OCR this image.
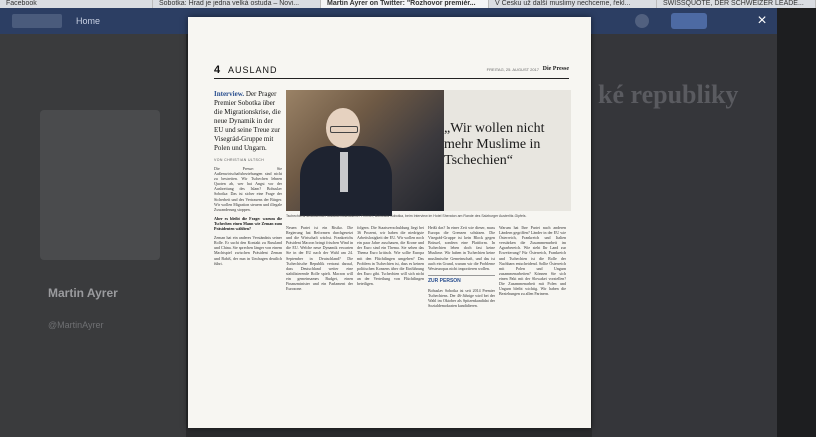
Facebook	Sobotka: Hrad je jedna velká ostuda – Novi...	Martin Ayrer on Twitter: "Rozhovor premiér...	V Česku už další muslimy nechceme, řekl...	SWISSQUOTE, DER SCHWEIZER LEADE...
Home
Martin Ayrer
@MartinAyrer
ké republiky
×
4 AUSLAND	FREITAG, 25. AUGUST 2017 Die Presse
Interview. Der Prager Premier Sobotka über die Migrationskrise, die neue Dynamik in der EU und seine Treue zur Visegrád-Gruppe mit Polen und Ungarn.
VON CHRISTIAN ULTSCH
Die Presse: Sie Außenwirtschaftsbeziehungen sind nicht zu bestreiten. Wir Tschechen lehnen Quoten ab, wer hat Angst vor der Ausbreitung des Islam? Bohuslav Sobotka: Das ist sicher eine Frage der Sicherheit und des Vertrauens der Bürger. Wir wollen Migration steuern und illegale Zuwanderung stoppen.
Aber es bleibt die Frage: warum die Tschechen einen Mann wie Zeman zum Präsidenten wählten?
Zeman hat ein anderes Verständnis seiner Rolle. Er sucht den Kontakt zu Russland und China. Sie sprechen länger von einem Machtspiel zwischen Präsident Zeman und Babiš, der nun in Umfragen deutlich führt.
„Wir wollen nicht mehr Muslime in Tschechien“
Tschechiens schleidender sozialdemokratischer Premier, Bohuslav Sobotka, beim Interview im Hotel Sheraton am Rande des Salzburger Austerlitz-Gipfels.
Neuen Partei ist ein Risiko. Die Regierung hat Reformen durchgesetzt und die Wirtschaft wächst. Frankreichs Präsident Macron bringt frischen Wind in die EU. Welche neue Dynamik erwarten Sie in der EU nach der Wahl am 24. September in Deutschland? Die Tschechische Republik vertraut darauf, dass Deutschland weiter eine stabilisierende Rolle spielt. Macron will ein gemeinsames Budget, einen Finanzminister und ein Parlament der Eurozone.
folgern. Die Staatsverschuldung liegt bei 36 Prozent, wir haben die niedrigste Arbeitslosigkeit der EU. Wir wollen noch ein paar Jahre zuschauen, die Krone und der Euro sind ein Thema. Sie sehen das Thema Euro kritisch. Wie sollte Europa mit den Flüchtlingen umgehen? Das Problem in Tschechien ist, dass es keinen politischen Konsens über die Einführung des Euro gibt. Tschechien will sich nicht an der Verteilung von Flüchtlingen beteiligen.
Heißt das? In einer Zeit wie dieser, muss Europa die Grenzen schützen. Die Visegrád-Gruppe ist kein Block gegen Brüssel, sondern eine Plattform. In Tschechien leben doch fast keine Muslime. Wir haben in Tschechien keine muslimische Gemeinschaft, und das ist auch ein Grund, warum wir die Probleme Westeuropas nicht importieren wollen.
ZUR PERSON
Bohuslav Sobotka ist seit 2014 Premier Tschechiens. Der 46-Jährige wird bei der Wahl im Oktober als Spitzenkandidat der Sozialdemokraten kandidieren.
Warum hat Ihre Partei nach anderen Ländern gegriffen? Länder in der EU wie Österreich, Frankreich und Italien verstärken die Zusammenarbeit im Agrarbereich. Wie steht Ihr Land zur Erweiterung? Für Österreich, Frankreich und Tschechien ist die Rolle der Nachbarn entscheidend. Sollte Österreich mit Polen und Ungarn zusammenarbeiten? Können Sie sich einen Pakt mit der Slowakei vorstellen? Die Zusammenarbeit mit Polen und Ungarn bleibt wichtig. Wir haben die Beziehungen zu allen Partnern.
